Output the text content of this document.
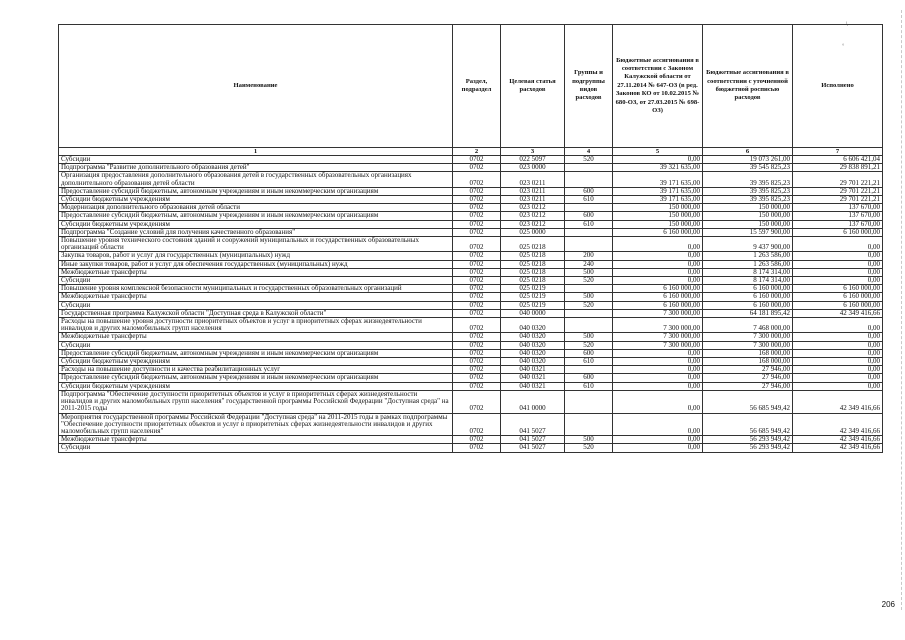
\
°
Наименование	Раздел, подраздел	Целевая статья расходов	Группы и подгруппы видов расходов	Бюджетные ассигнования в соответствии с Законом Калужской области от 27.11.2014 № 647-ОЗ (в ред. Законов КО от 10.02.2015 № 680-ОЗ, от 27.03.2015 № 698-ОЗ)	Бюджетные ассигнования в соответствии с уточненной бюджетной росписью расходов	Исполнено
1	2	3	4	5	6	7
Субсидии	0702	022 5097	520	0,00	19 073 261,00	6 606 421,04
Подпрограмма "Развитие дополнительного образования детей"	0702	023 0000		39 321 635,00	39 545 825,23	29 838 891,21
Организация предоставления дополнительного образования детей в государственных образовательных организациях дополнительного образования детей области	0702	023 0211		39 171 635,00	39 395 825,23	29 701 221,21
Предоставление субсидий бюджетным, автономным учреждениям и иным некоммерческим организациям	0702	023 0211	600	39 171 635,00	39 395 825,23	29 701 221,21
Субсидии бюджетным учреждениям	0702	023 0211	610	39 171 635,00	39 395 825,23	29 701 221,21
Модернизация дополнительного образования детей области	0702	023 0212		150 000,00	150 000,00	137 670,00
Предоставление субсидий бюджетным, автономным учреждениям и иным некоммерческим организациям	0702	023 0212	600	150 000,00	150 000,00	137 670,00
Субсидии бюджетным учреждениям	0702	023 0212	610	150 000,00	150 000,00	137 670,00
Подпрограмма "Создание условий для получения качественного образования"	0702	025 0000		6 160 000,00	15 597 900,00	6 160 000,00
Повышение уровня технического состояния зданий и сооружений муниципальных и государственных образовательных организаций области	0702	025 0218		0,00	9 437 900,00	0,00
Закупка товаров, работ и услуг для государственных (муниципальных) нужд	0702	025 0218	200	0,00	1 263 586,00	0,00
Иные закупки товаров, работ и услуг для обеспечения государственных (муниципальных) нужд	0702	025 0218	240	0,00	1 263 586,00	0,00
Межбюджетные трансферты	0702	025 0218	500	0,00	8 174 314,00	0,00
Субсидии	0702	025 0218	520	0,00	8 174 314,00	0,00
Повышение уровня комплексной безопасности муниципальных и государственных образовательных организаций	0702	025 0219		6 160 000,00	6 160 000,00	6 160 000,00
Межбюджетные трансферты	0702	025 0219	500	6 160 000,00	6 160 000,00	6 160 000,00
Субсидии	0702	025 0219	520	6 160 000,00	6 160 000,00	6 160 000,00
Государственная программа Калужской области "Доступная среда в Калужской области"	0702	040 0000		7 300 000,00	64 181 895,42	42 349 416,66
Расходы на повышение уровня доступности приоритетных объектов и услуг в приоритетных сферах жизнедеятельности инвалидов и других маломобильных групп населения	0702	040 0320		7 300 000,00	7 468 000,00	0,00
Межбюджетные трансферты	0702	040 0320	500	7 300 000,00	7 300 000,00	0,00
Субсидии	0702	040 0320	520	7 300 000,00	7 300 000,00	0,00
Предоставление субсидий бюджетным, автономным учреждениям и иным некоммерческим организациям	0702	040 0320	600	0,00	168 000,00	0,00
Субсидии бюджетным учреждениям	0702	040 0320	610	0,00	168 000,00	0,00
Расходы на повышение доступности и качества реабилитационных услуг	0702	040 0321		0,00	27 946,00	0,00
Предоставление субсидий бюджетным, автономным учреждениям и иным некоммерческим организациям	0702	040 0321	600	0,00	27 946,00	0,00
Субсидии бюджетным учреждениям	0702	040 0321	610	0,00	27 946,00	0,00
Подпрограмма "Обеспечение доступности приоритетных объектов и услуг в приоритетных сферах жизнедеятельности инвалидов и других маломобильных групп населения" государственной программы Российской Федерации "Доступная среда" на 2011-2015 годы	0702	041 0000		0,00	56 685 949,42	42 349 416,66
Мероприятия государственной программы Российской Федерации "Доступная среда" на 2011-2015 годы в рамках подпрограммы "Обеспечение доступности приоритетных объектов и услуг в приоритетных сферах жизнедеятельности инвалидов и других маломобильных групп населения"	0702	041 5027		0,00	56 685 949,42	42 349 416,66
Межбюджетные трансферты	0702	041 5027	500	0,00	56 293 949,42	42 349 416,66
Субсидии	0702	041 5027	520	0,00	56 293 949,42	42 349 416,66
206
